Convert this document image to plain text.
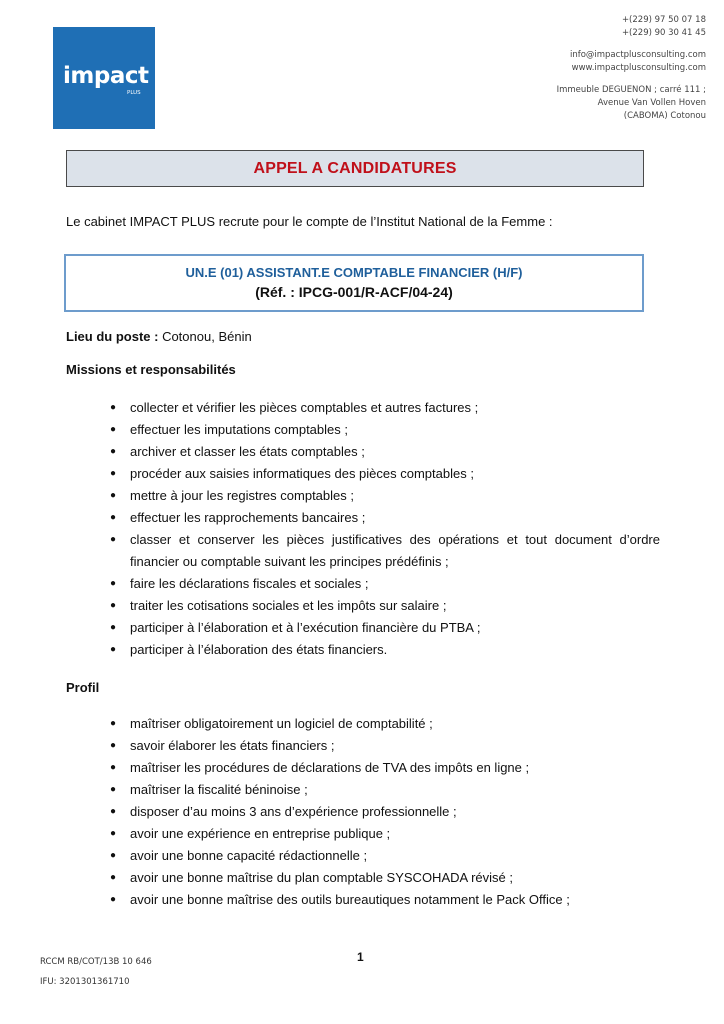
impact
PLUS
+(229) 97 50 07 18
+(229) 90 30 41 45
info@impactplusconsulting.com
www.impactplusconsulting.com
Immeuble DEGUENON ; carré 111 ;
Avenue Van Vollen Hoven
(CABOMA) Cotonou
APPEL A CANDIDATURES
Le cabinet IMPACT PLUS recrute pour le compte de l’Institut National de la Femme :
UN.E (01) ASSISTANT.E COMPTABLE FINANCIER (H/F)
(Réf. : IPCG-001/R-ACF/04-24)
Lieu du poste : Cotonou, Bénin
Missions et responsabilités
● collecter et vérifier les pièces comptables et autres factures ;
● effectuer les imputations comptables ;
● archiver et classer les états comptables ;
● procéder aux saisies informatiques des pièces comptables ;
● mettre à jour les registres comptables ;
● effectuer les rapprochements bancaires ;
● classer et conserver les pièces justificatives des opérations et tout document d’ordre financier ou comptable suivant les principes prédéfinis ;
● faire les déclarations fiscales et sociales ;
● traiter les cotisations sociales et les impôts sur salaire ;
● participer à l’élaboration et à l’exécution financière du PTBA ;
● participer à l’élaboration des états financiers.
Profil
● maîtriser obligatoirement un logiciel de comptabilité ;
● savoir élaborer les états financiers ;
● maîtriser les procédures de déclarations de TVA des impôts en ligne ;
● maîtriser la fiscalité béninoise ;
● disposer d’au moins 3 ans d’expérience professionnelle ;
● avoir une expérience en entreprise publique ;
● avoir une bonne capacité rédactionnelle ;
● avoir une bonne maîtrise du plan comptable SYSCOHADA révisé ;
● avoir une bonne maîtrise des outils bureautiques notamment le Pack Office ;
1
RCCM RB/COT/13B 10 646
IFU: 3201301361710
